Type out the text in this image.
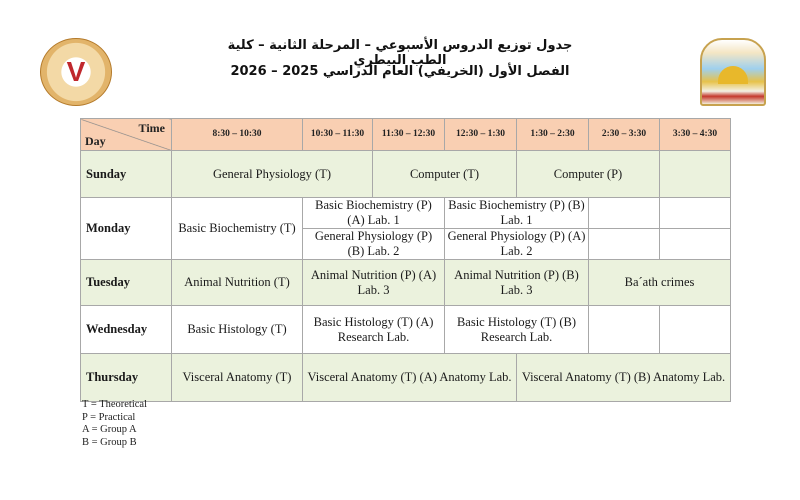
جدول توزيع الدروس الأسبوعي – المرحلة الثانية – كلية الطب البيطري
الفصل الأول (الخريفي) العام الدراسي 2025 – 2026
V
Time
Day	8:30 – 10:30	10:30 – 11:30	11:30 – 12:30	12:30 – 1:30	1:30 – 2:30	2:30 – 3:30	3:30 – 4:30
Sunday	General Physiology (T)		Computer (T)		Computer (P)		
Monday	Basic Biochemistry (T)	Basic Biochemistry (P) (A) Lab. 1		Basic Biochemistry (P) (B) Lab. 1			
		General Physiology (P) (B) Lab. 2		General Physiology (P) (A) Lab. 2			
Tuesday	Animal Nutrition (T)	Animal Nutrition (P) (A) Lab. 3		Animal Nutrition (P) (B) Lab. 3		Ba´ath crimes	
Wednesday	Basic Histology (T)	Basic Histology (T) (A) Research Lab.		Basic Histology (T) (B) Research Lab.			
Thursday	Visceral Anatomy (T)	Visceral Anatomy (T) (A) Anatomy Lab.			Visceral Anatomy (T) (B) Anatomy Lab.		
T = Theoretical
P = Practical
A = Group A
B = Group B
